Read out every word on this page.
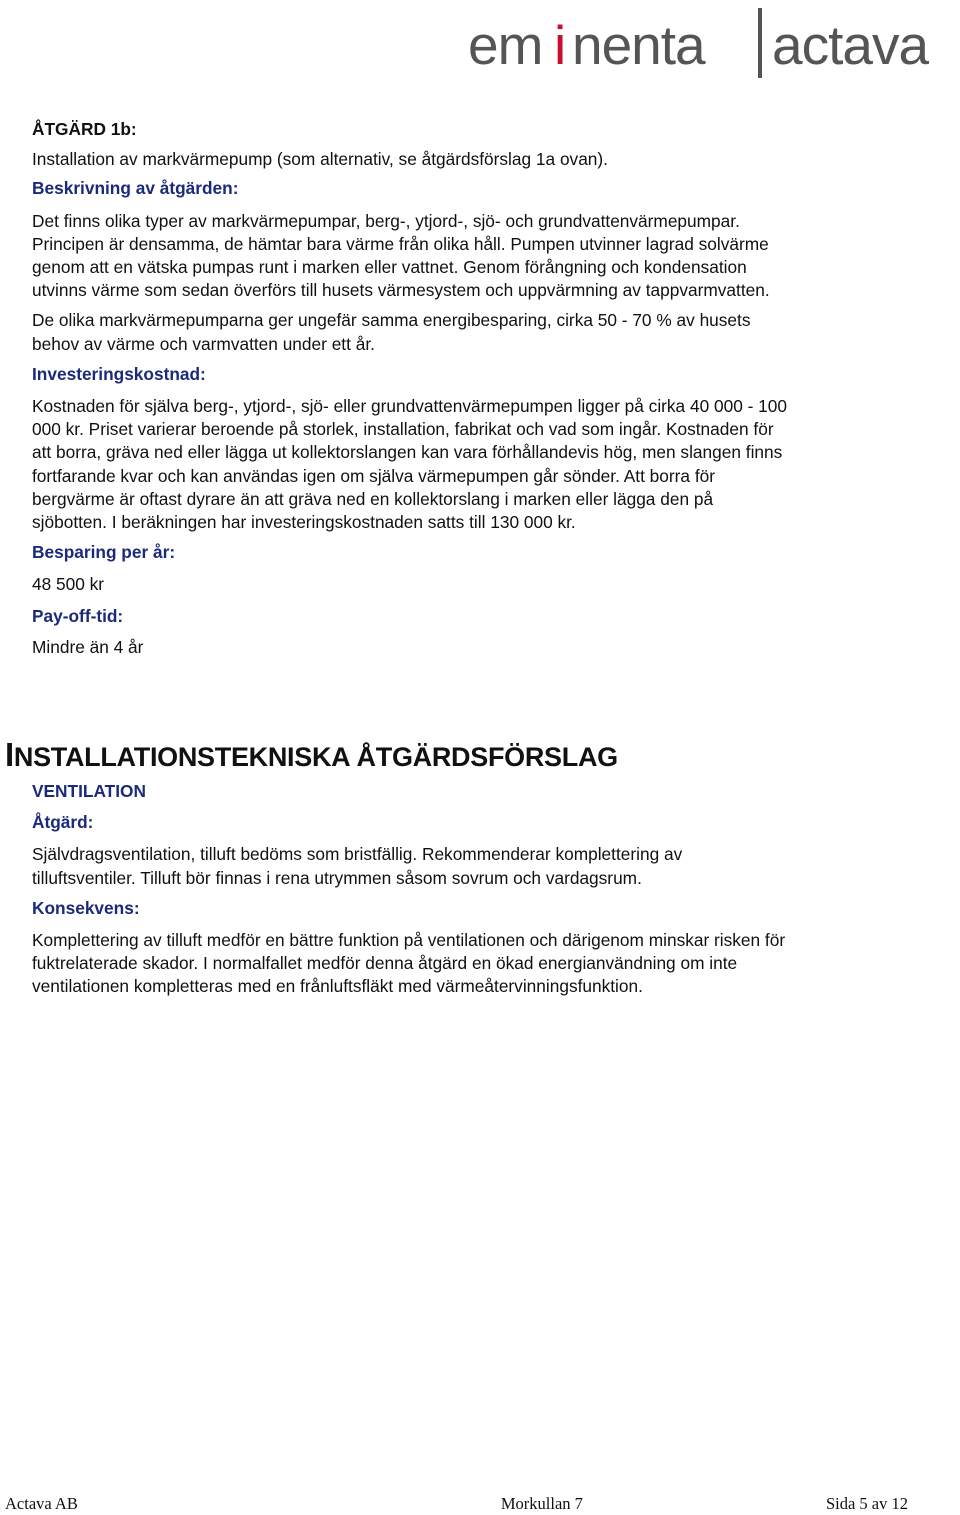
em i nenta actava
ÅTGÄRD 1b:
Installation av markvärmepump (som alternativ, se åtgärdsförslag 1a ovan).
Beskrivning av åtgärden:
Det finns olika typer av markvärmepumpar, berg-, ytjord-, sjö- och grundvattenvärmepumpar.
Principen är densamma, de hämtar bara värme från olika håll. Pumpen utvinner lagrad solvärme
genom att en vätska pumpas runt i marken eller vattnet. Genom förångning och kondensation
utvinns värme som sedan överförs till husets värmesystem och uppvärmning av tappvarmvatten.
De olika markvärmepumparna ger ungefär samma energibesparing, cirka 50 - 70 % av husets
behov av värme och varmvatten under ett år.
Investeringskostnad:
Kostnaden för själva berg-, ytjord-, sjö- eller grundvattenvärmepumpen ligger på cirka 40 000 - 100
000 kr. Priset varierar beroende på storlek, installation, fabrikat och vad som ingår. Kostnaden för
att borra, gräva ned eller lägga ut kollektorslangen kan vara förhållandevis hög, men slangen finns
fortfarande kvar och kan användas igen om själva värmepumpen går sönder. Att borra för
bergvärme är oftast dyrare än att gräva ned en kollektorslang i marken eller lägga den på
sjöbotten. I beräkningen har investeringskostnaden satts till 130 000 kr.
Besparing per år:
48 500 kr
Pay-off-tid:
Mindre än 4 år
INSTALLATIONSTEKNISKA ÅTGÄRDSFÖRSLAG
VENTILATION
Åtgärd:
Självdragsventilation, tilluft bedöms som bristfällig. Rekommenderar komplettering av
tilluftsventiler. Tilluft bör finnas i rena utrymmen såsom sovrum och vardagsrum.
Konsekvens:
Komplettering av tilluft medför en bättre funktion på ventilationen och därigenom minskar risken för
fuktrelaterade skador. I normalfallet medför denna åtgärd en ökad energianvändning om inte
ventilationen kompletteras med en frånluftsfläkt med värmeåtervinningsfunktion.
Actava AB	Morkullan 7	Sida 5 av 12
